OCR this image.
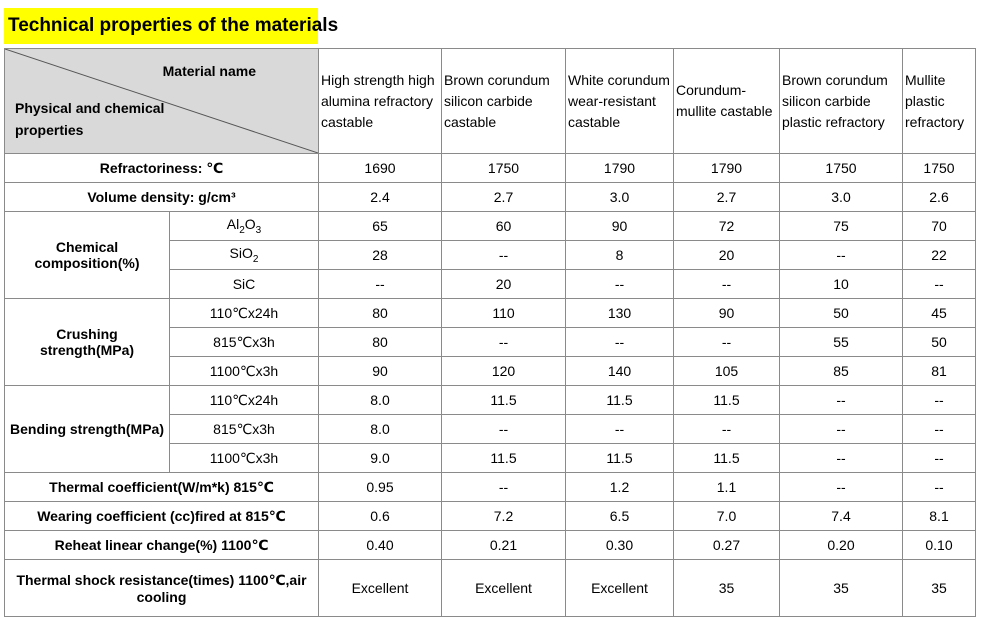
Technical properties of the materials
Material name
Physical and chemical
properties		High strength high alumina refractory castable	Brown corundum silicon carbide castable	White corundum wear-resistant castable	Corundum-mullite castable	Brown corundum silicon carbide plastic refractory	Mullite plastic refractory
Refractoriness: ℃		1690	1750	1790	1790	1750	1750
Volume density: g/cm³		2.4	2.7	3.0	2.7	3.0	2.6
Chemical
composition(%)	$Al_2O_3$	65	60	90	72	75	70
	SiO$_2$	28	--	8	20	--	22
	SiC	--	20	--	--	10	--
Crushing strength(MPa)	110℃x24h	80	110	130	90	50	45
	815℃x3h	80	--	--	--	55	50
	1100℃x3h	90	120	140	105	85	81
Bending strength(MPa)	110℃x24h	8.0	11.5	11.5	11.5	--	--
	815℃x3h	8.0	--	--	--	--	--
	1100℃x3h	9.0	11.5	11.5	11.5	--	--
Thermal coefficient(W/m*k) 815℃		0.95	--	1.2	1.1	--	--
Wearing coefficient (cc)fired at 815℃		0.6	7.2	6.5	7.0	7.4	8.1
Reheat linear change(%) 1100℃		0.40	0.21	0.30	0.27	0.20	0.10
Thermal shock resistance(times) 1100℃,air
cooling		Excellent	Excellent	Excellent	35	35	35
